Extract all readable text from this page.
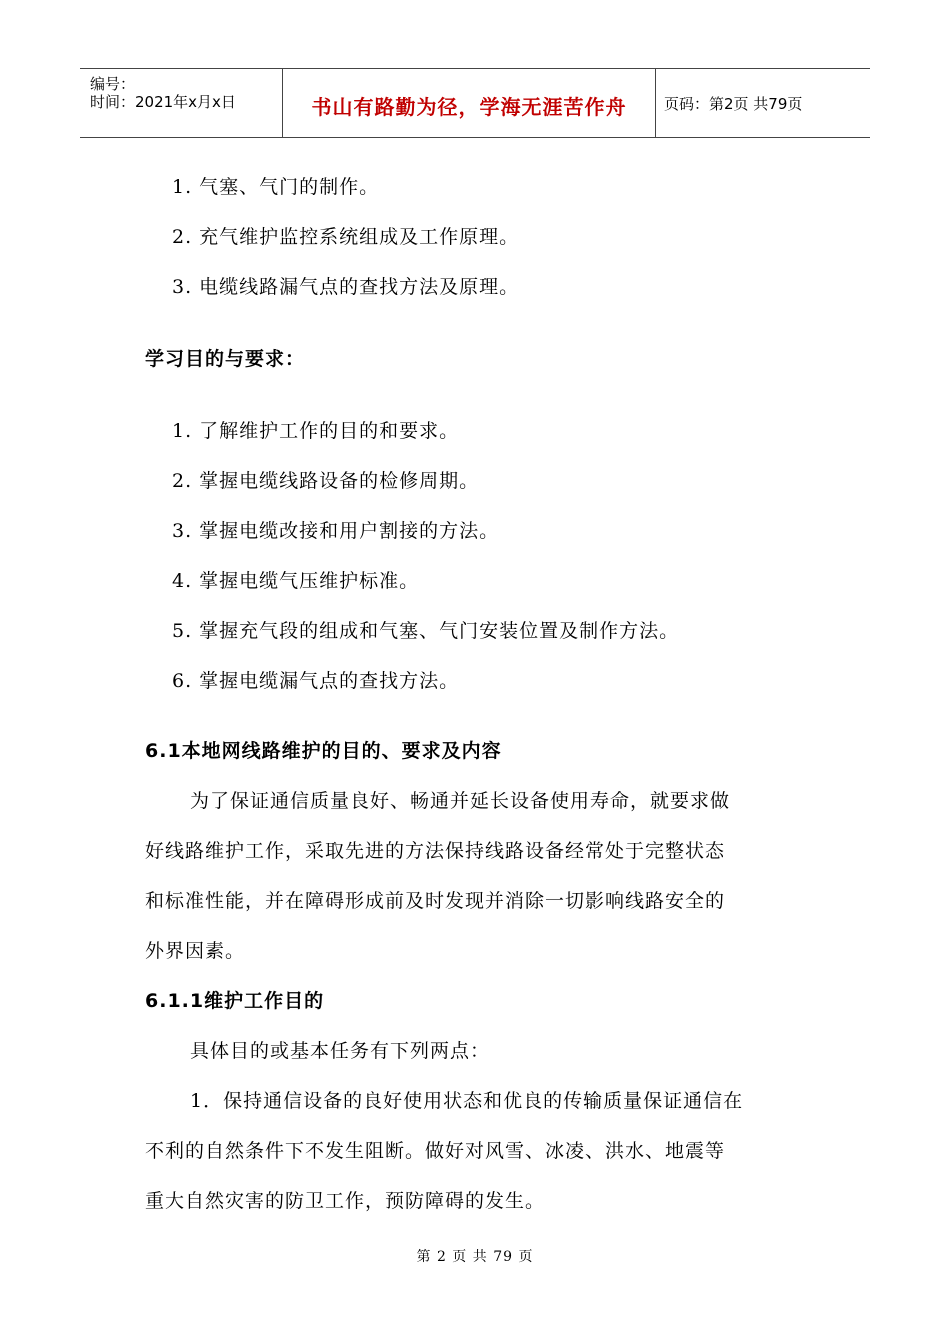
编号：
时间：2021年x月x日	书山有路勤为径，学海无涯苦作舟	页码：第2页 共79页
1. 气塞、气门的制作。
2. 充气维护监控系统组成及工作原理。
3. 电缆线路漏气点的查找方法及原理。
学习目的与要求：
1. 了解维护工作的目的和要求。
2. 掌握电缆线路设备的检修周期。
3. 掌握电缆改接和用户割接的方法。
4. 掌握电缆气压维护标准。
5. 掌握充气段的组成和气塞、气门安装位置及制作方法。
6. 掌握电缆漏气点的查找方法。
6.1本地网线路维护的目的、要求及内容
为了保证通信质量良好、畅通并延长设备使用寿命，就要求做
好线路维护工作，采取先进的方法保持线路设备经常处于完整状态
和标准性能，并在障碍形成前及时发现并消除一切影响线路安全的
外界因素。
6.1.1维护工作目的
具体目的或基本任务有下列两点：
1．保持通信设备的良好使用状态和优良的传输质量保证通信在
不利的自然条件下不发生阻断。做好对风雪、冰凌、洪水、地震等
重大自然灾害的防卫工作，预防障碍的发生。
第 2 页 共 79 页
